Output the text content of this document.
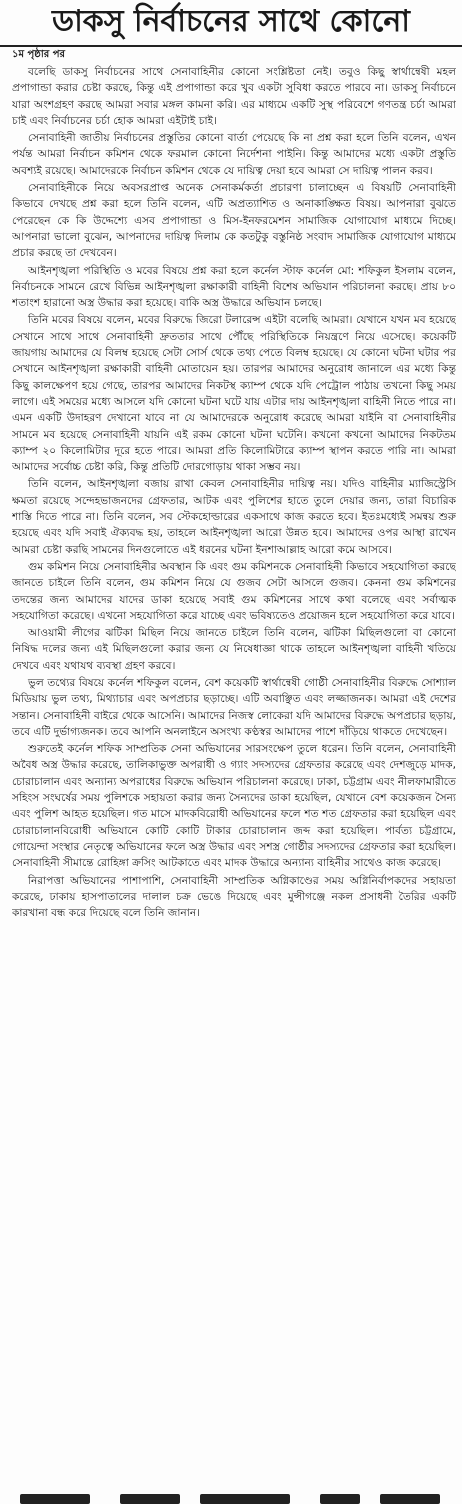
ডাকসু নির্বাচনের সাথে কোনো
১ম পৃষ্ঠার পর

বলেছি ডাকসু নির্বাচনের সাথে সেনাবাহিনীর কোনো সংশ্লিষ্টতা নেই। তবুও কিছু স্বার্থান্বেষী মহল প্রপাগান্ডা করার চেষ্টা করছে, কিন্তু এই প্রপাগান্ডা করে খুব একটা সুবিধা করতে পারবে না। ডাকসু নির্বাচনে যারা অংশগ্রহণ করছে আমরা সবার মঙ্গল কামনা করি। এর মাধ্যমে একটি সুস্থ পরিবেশে গণতন্ত্র চর্চা আমরা চাই এবং নির্বাচনের চর্চা হোক আমরা এইটাই চাই।

সেনাবাহিনী জাতীয় নির্বাচনের প্রস্তুতির কোনো বার্তা পেয়েছে কি না প্রশ্ন করা হলে তিনি বলেন, এখন পর্যন্ত আমরা নির্বাচন কমিশন থেকে ফরমাল কোনো নির্দেশনা পাইনি। কিন্তু আমাদের মধ্যে একটা প্রস্তুতি অবশ্যই রয়েছে। আমাদেরকে নির্বাচন কমিশন থেকে যে দায়িত্ব দেয়া হবে আমরা সে দায়িত্ব পালন করব।

সেনাবাহিনীকে নিয়ে অবসরপ্রাপ্ত অনেক সেনাকর্মকর্তা প্রচারণা চালাচ্ছেন এ বিষয়টি সেনাবাহিনী কিভাবে দেখছে প্রশ্ন করা হলে তিনি বলেন, এটি অপ্রত্যাশিত ও অনাকাঙ্ক্ষিত বিষয়। আপনারা বুঝতে পেরেছেন কে কি উদ্দেশ্যে এসব প্রপাগান্ডা ও মিস-ইনফরমেশন সামাজিক যোগাযোগ মাধ্যমে দিচ্ছে। আপনারা ভালো বুঝেন, আপনাদের দায়িত্ব দিলাম কে কতটুকু বস্তুনিষ্ঠ সংবাদ সামাজিক যোগাযোগ মাধ্যমে প্রচার করছে তা দেখবেন।

আইনশৃঙ্খলা পরিস্থিতি ও মবের বিষয়ে প্রশ্ন করা হলে কর্নেল স্টাফ কর্নেল মো: শফিকুল ইসলাম বলেন, নির্বাচনকে সামনে রেখে বিভিন্ন আইনশৃঙ্খলা রক্ষাকারী বাহিনী বিশেষ অভিযান পরিচালনা করছে। প্রায় ৮০ শতাংশ হারানো অস্ত্র উদ্ধার করা হয়েছে। বাকি অস্ত্র উদ্ধারে অভিযান চলছে।

তিনি মবের বিষয়ে বলেন, মবের বিরুদ্ধে জিরো টলারেন্স এইটা বলেছি আমরা। যেখানে যখন মব হয়েছে সেখানে সাথে সাথে সেনাবাহিনী দ্রুততার সাথে পৌঁছে পরিস্থিতিকে নিয়ন্ত্রণে নিয়ে এসেছে। কয়েকটি জায়গায় আমাদের যে বিলম্ব হয়েছে সেটা সোর্স থেকে তথ্য পেতে বিলম্ব হয়েছে। যে কোনো ঘটনা ঘটার পর সেখানে আইনশৃঙ্খলা রক্ষাকারী বাহিনী মোতায়েন হয়। তারপর আমাদের অনুরোধ জানালে এর মধ্যে কিন্তু কিছু কালক্ষেপণ হয়ে গেছে, তারপর আমাদের নিকটস্থ ক্যাম্প থেকে যদি পেট্রোল পাঠায় তখনো কিছু সময় লাগে। এই সময়ের মধ্যে আসলে যদি কোনো ঘটনা ঘটে যায় এটার দায় আইনশৃঙ্খলা বাহিনী নিতে পারে না। এমন একটি উদাহরণ দেখানো যাবে না যে আমাদেরকে অনুরোধ করেছে আমরা যাইনি বা সেনাবাহিনীর সামনে মব হয়েছে সেনাবাহিনী যায়নি এই রকম কোনো ঘটনা ঘটেনি। কখনো কখনো আমাদের নিকটতম ক্যাম্প ২০ কিলোমিটার দূরে হতে পারে। আমরা প্রতি কিলোমিটারে ক্যাম্প স্থাপন করতে পারি না। আমরা আমাদের সর্বোচ্চ চেষ্টা করি, কিন্তু প্রতিটি দোরগোড়ায় থাকা সম্ভব নয়।

তিনি বলেন, আইনশৃঙ্খলা বজায় রাখা কেবল সেনাবাহিনীর দায়িত্ব নয়। যদিও বাহিনীর ম্যাজিস্ট্রেসি ক্ষমতা রয়েছে সন্দেহভাজনদের গ্রেফতার, আটক এবং পুলিশের হাতে তুলে দেয়ার জন্য, তারা বিচারিক শাস্তি দিতে পারে না। তিনি বলেন, সব স্টেকহোল্ডারের একসাথে কাজ করতে হবে। ইতঃমধ্যেই সমন্বয় শুরু হয়েছে এবং যদি সবাই ঐক্যবদ্ধ হয়, তাহলে আইনশৃঙ্খলা আরো উন্নত হবে। আমাদের ওপর আস্থা রাখেন আমরা চেষ্টা করছি সামনের দিনগুলোতে এই ধরনের ঘটনা ইনশাআল্লাহ আরো কমে আসবে।

গুম কমিশন নিয়ে সেনাবাহিনীর অবস্থান কি এবং গুম কমিশনকে সেনাবাহিনী কিভাবে সহযোগিতা করছে জানতে চাইলে তিনি বলেন, গুম কমিশন নিয়ে যে গুজব সেটা আসলে গুজব। কেননা গুম কমিশনের তদন্তের জন্য আমাদের যাদের ডাকা হয়েছে সবাই গুম কমিশনের সাথে কথা বলেছে এবং সর্বাত্মক সহযোগিতা করেছে। এখনো সহযোগিতা করে যাচ্ছে এবং ভবিষ্যতেও প্রয়োজন হলে সহযোগিতা করে যাবে।

আওয়ামী লীগের ঝটিকা মিছিল নিয়ে জানতে চাইলে তিনি বলেন, ঝটিকা মিছিলগুলো বা কোনো নিষিদ্ধ দলের জন্য এই মিছিলগুলো করার জন্য যে নিষেধাজ্ঞা থাকে তাহলে আইনশৃঙ্খলা বাহিনী খতিয়ে দেখবে এবং যথাযথ ব্যবস্থা গ্রহণ করবে।

ভুল তথ্যের বিষয়ে কর্নেল শফিকুল বলেন, বেশ কয়েকটি স্বার্থান্বেষী গোষ্ঠী সেনাবাহিনীর বিরুদ্ধে সোশ্যাল মিডিয়ায় ভুল তথ্য, মিথ্যাচার এবং অপপ্রচার ছড়াচ্ছে। এটি অবাঞ্ছিত এবং লজ্জাজনক। আমরা এই দেশের সন্তান। সেনাবাহিনী বাইরে থেকে আসেনি। আমাদের নিজস্ব লোকেরা যদি আমাদের বিরুদ্ধে অপপ্রচার ছড়ায়, তবে এটি দুর্ভাগ্যজনক। তবে আপনি অনলাইনে অসংখ্য কণ্ঠস্বর আমাদের পাশে দাঁড়িয়ে থাকতে দেখেছেন।

শুরুতেই কর্নেল শফিক সাম্প্রতিক সেনা অভিযানের সারসংক্ষেপ তুলে ধরেন। তিনি বলেন, সেনাবাহিনী অবৈধ অস্ত্র উদ্ধার করেছে, তালিকাভুক্ত অপরাধী ও গ্যাং সদস্যদের গ্রেফতার করেছে এবং দেশজুড়ে মাদক, চোরাচালান এবং অন্যান্য অপরাধের বিরুদ্ধে অভিযান পরিচালনা করেছে। ঢাকা, চট্টগ্রাম এবং নীলফামারীতে সহিংস সংঘর্ষের সময় পুলিশকে সহায়তা করার জন্য সৈন্যদের ডাকা হয়েছিল, যেখানে বেশ কয়েকজন সৈন্য এবং পুলিশ আহত হয়েছিল। গত মাসে মাদকবিরোধী অভিযানের ফলে শত শত গ্রেফতার করা হয়েছিল এবং চোরাচালানবিরোধী অভিযানে কোটি কোটি টাকার চোরাচালান জব্দ করা হয়েছিল। পার্বত্য চট্টগ্রামে, গোয়েন্দা সংস্থার নেতৃত্বে অভিযানের ফলে অস্ত্র উদ্ধার এবং সশস্ত্র গোষ্ঠীর সদস্যদের গ্রেফতার করা হয়েছিল। সেনাবাহিনী সীমান্তে রোহিঙ্গা ক্রসিং আটকাতে এবং মাদক উদ্ধারে অন্যান্য বাহিনীর সাথেও কাজ করেছে।

নিরাপত্তা অভিযানের পাশাপাশি, সেনাবাহিনী সাম্প্রতিক অগ্নিকাণ্ডের সময় অগ্নিনির্বাপকদের সহায়তা করেছে, ঢাকায় হাসপাতালের দালাল চক্র ভেঙে দিয়েছে এবং মুন্সীগঞ্জে নকল প্রসাধনী তৈরির একটি কারখানা বন্ধ করে দিয়েছে বলে তিনি জানান।
